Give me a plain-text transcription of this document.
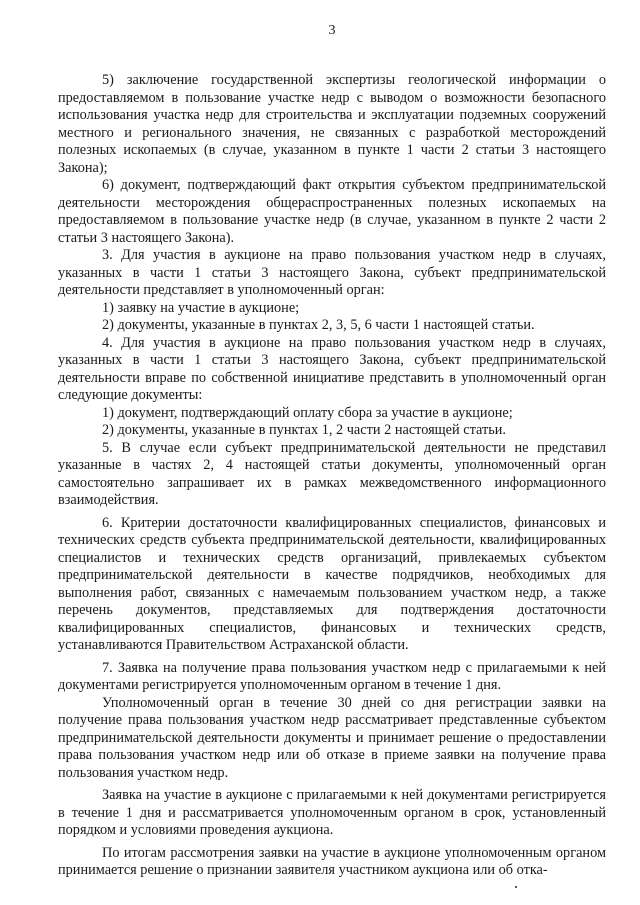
3

5) заключение государственной экспертизы геологической информации о предоставляемом в пользование участке недр с выводом о возможности безопасного использования участка недр для строительства и эксплуатации подземных сооружений местного и регионального значения, не связанных с разработкой месторождений полезных ископаемых (в случае, указанном в пункте 1 части 2 статьи 3 настоящего Закона);

6) документ, подтверждающий факт открытия субъектом предпринимательской деятельности месторождения общераспространенных полезных ископаемых на предоставляемом в пользование участке недр (в случае, указанном в пункте 2 части 2 статьи 3 настоящего Закона).

3. Для участия в аукционе на право пользования участком недр в случаях, указанных в части 1 статьи 3 настоящего Закона, субъект предпринимательской деятельности представляет в уполномоченный орган:

1) заявку на участие в аукционе;

2) документы, указанные в пунктах 2, 3, 5, 6 части 1 настоящей статьи.

4. Для участия в аукционе на право пользования участком недр в случаях, указанных в части 1 статьи 3 настоящего Закона, субъект предпринимательской деятельности вправе по собственной инициативе представить в уполномоченный орган следующие документы:

1) документ, подтверждающий оплату сбора за участие в аукционе;

2) документы, указанные в пунктах 1, 2 части 2 настоящей статьи.

5. В случае если субъект предпринимательской деятельности не представил указанные в частях 2, 4 настоящей статьи документы, уполномоченный орган самостоятельно запрашивает их в рамках межведомственного информационного взаимодействия.

6. Критерии достаточности квалифицированных специалистов, финансовых и технических средств субъекта предпринимательской деятельности, квалифицированных специалистов и технических средств организаций, привлекаемых субъектом предпринимательской деятельности в качестве подрядчиков, необходимых для выполнения работ, связанных с намечаемым пользованием участком недр, а также перечень документов, представляемых для подтверждения достаточности квалифицированных специалистов, финансовых и технических средств, устанавливаются Правительством Астраханской области.

7. Заявка на получение права пользования участком недр с прилагаемыми к ней документами регистрируется уполномоченным органом в течение 1 дня.

Уполномоченный орган в течение 30 дней со дня регистрации заявки на получение права пользования участком недр рассматривает представленные субъектом предпринимательской деятельности документы и принимает решение о предоставлении права пользования участком недр или об отказе в приеме заявки на получение права пользования участком недр.

Заявка на участие в аукционе с прилагаемыми к ней документами регистрируется в течение 1 дня и рассматривается уполномоченным органом в срок, установленный порядком и условиями проведения аукциона.

По итогам рассмотрения заявки на участие в аукционе уполномоченным органом принимается решение о признании заявителя участником аукциона или об отка-
